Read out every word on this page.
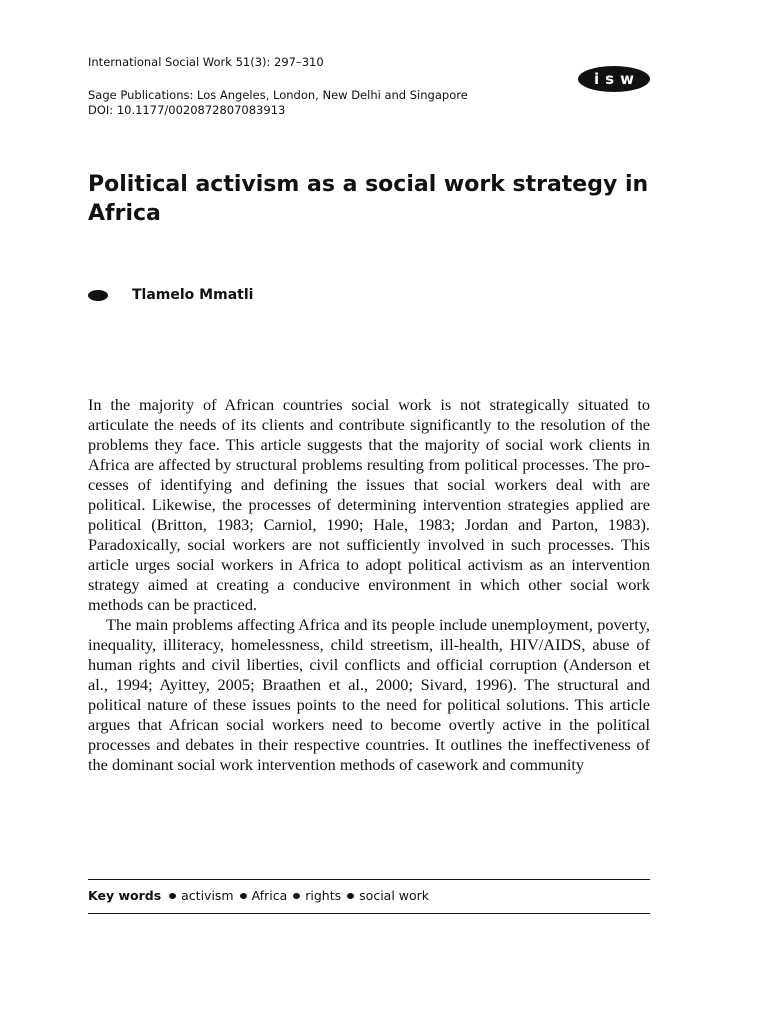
International Social Work 51(3): 297–310
isw
Sage Publications: Los Angeles, London, New Delhi and Singapore
DOI: 10.1177/0020872807083913
Political activism as a social work strategy in Africa
Tlamelo Mmatli

In the majority of African countries social work is not strategically situated to articulate the needs of its clients and contribute significantly to the resolution of the problems they face. This article suggests that the majority of social work clients in Africa are affected by structural problems resulting from political processes. The processes of identifying and defining the issues that social workers deal with are political. Likewise, the processes of determining intervention strategies applied are political (Britton, 1983; Carniol, 1990; Hale, 1983; Jordan and Parton, 1983). Paradoxically, social workers are not sufficiently involved in such processes. This article urges social workers in Africa to adopt political activism as an intervention strategy aimed at creating a conducive environment in which other social work methods can be practiced.

The main problems affecting Africa and its people include unemployment, poverty, inequality, illiteracy, homelessness, child streetism, ill-health, HIV/AIDS, abuse of human rights and civil liberties, civil conflicts and official corruption (Anderson et al., 1994; Ayittey, 2005; Braathen et al., 2000; Sivard, 1996). The structural and political nature of these issues points to the need for political solutions. This article argues that African social workers need to become overtly active in the political processes and debates in their respective countries. It outlines the ineffectiveness of the dominant social work intervention methods of casework and community

Key words activism Africa rights social work
